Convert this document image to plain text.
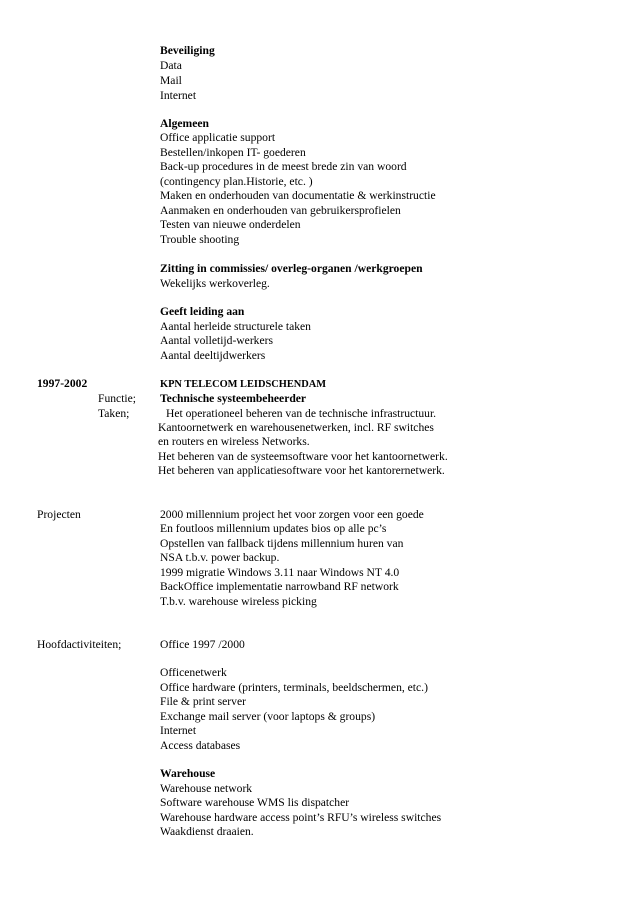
Beveiliging
Data
Mail
Internet
Algemeen
Office applicatie support
Bestellen/inkopen IT- goederen
Back-up procedures in de meest brede zin van woord
(contingency plan.Historie, etc. )
Maken en onderhouden van documentatie & werkinstructie
Aanmaken en onderhouden van gebruikersprofielen
Testen van nieuwe onderdelen
Trouble shooting
Zitting in commissies/ overleg-organen /werkgroepen
Wekelijks werkoverleg.
Geeft leiding aan
Aantal herleide structurele taken
Aantal volletijd-werkers
Aantal deeltijdwerkers
1997-2002	KPN TELECOM LEIDSCHENDAM
Functie; Technische systeembeheerder
Taken;	Het operationeel beheren van de technische infrastructuur.
Kantoornetwerk en warehousenetwerken, incl. RF switches
en routers en wireless Networks.
Het beheren van de systeemsoftware voor het kantoornetwerk.
Het beheren van applicatiesoftware voor het kantorernetwerk.
Projecten	2000 millennium project het voor zorgen voor een goede
En foutloos millennium updates bios op alle pc’s
Opstellen van fallback tijdens millennium huren van
NSA t.b.v. power backup.
1999 migratie Windows 3.11 naar Windows NT 4.0
BackOffice implementatie narrowband RF network
T.b.v. warehouse wireless picking
Hoofdactiviteiten;	Office 1997 /2000
Officenetwerk
Office hardware (printers, terminals, beeldschermen, etc.)
File & print server
Exchange mail server (voor laptops & groups)
Internet
Access databases
Warehouse
Warehouse network
Software warehouse WMS lis dispatcher
Warehouse hardware access point’s RFU’s wireless switches
Waakdienst draaien.
